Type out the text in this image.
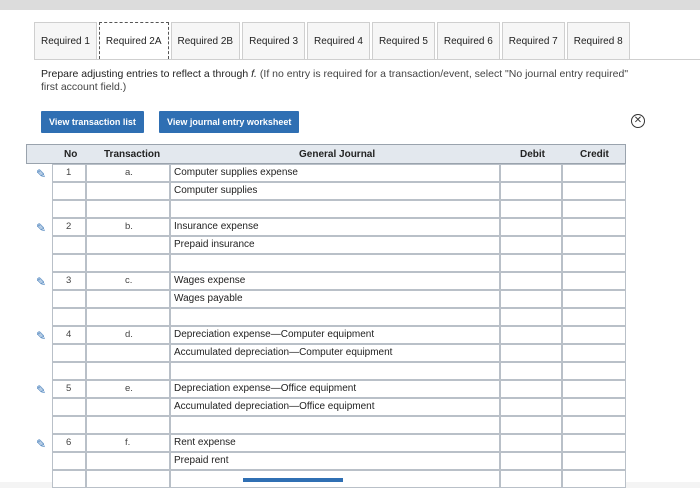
Required 1	Required 2A	Required 2B	Required 3	Required 4	Required 5	Required 6	Required 7	Required 8
Prepare adjusting entries to reflect a through f. (If no entry is required for a transaction/event, select "No journal entry required"
first account field.)
View transaction list	View journal entry worksheet	✕
No	Transaction	General Journal	Debit	Credit
✎ 1	a.	Computer supplies expense
Computer supplies
✎ 2	b.	Insurance expense
Prepaid insurance
✎ 3	c.	Wages expense
Wages payable
✎ 4	d.	Depreciation expense—Computer equipment
Accumulated depreciation—Computer equipment
✎ 5	e.	Depreciation expense—Office equipment
Accumulated depreciation—Office equipment
✎ 6	f.	Rent expense
Prepaid rent
